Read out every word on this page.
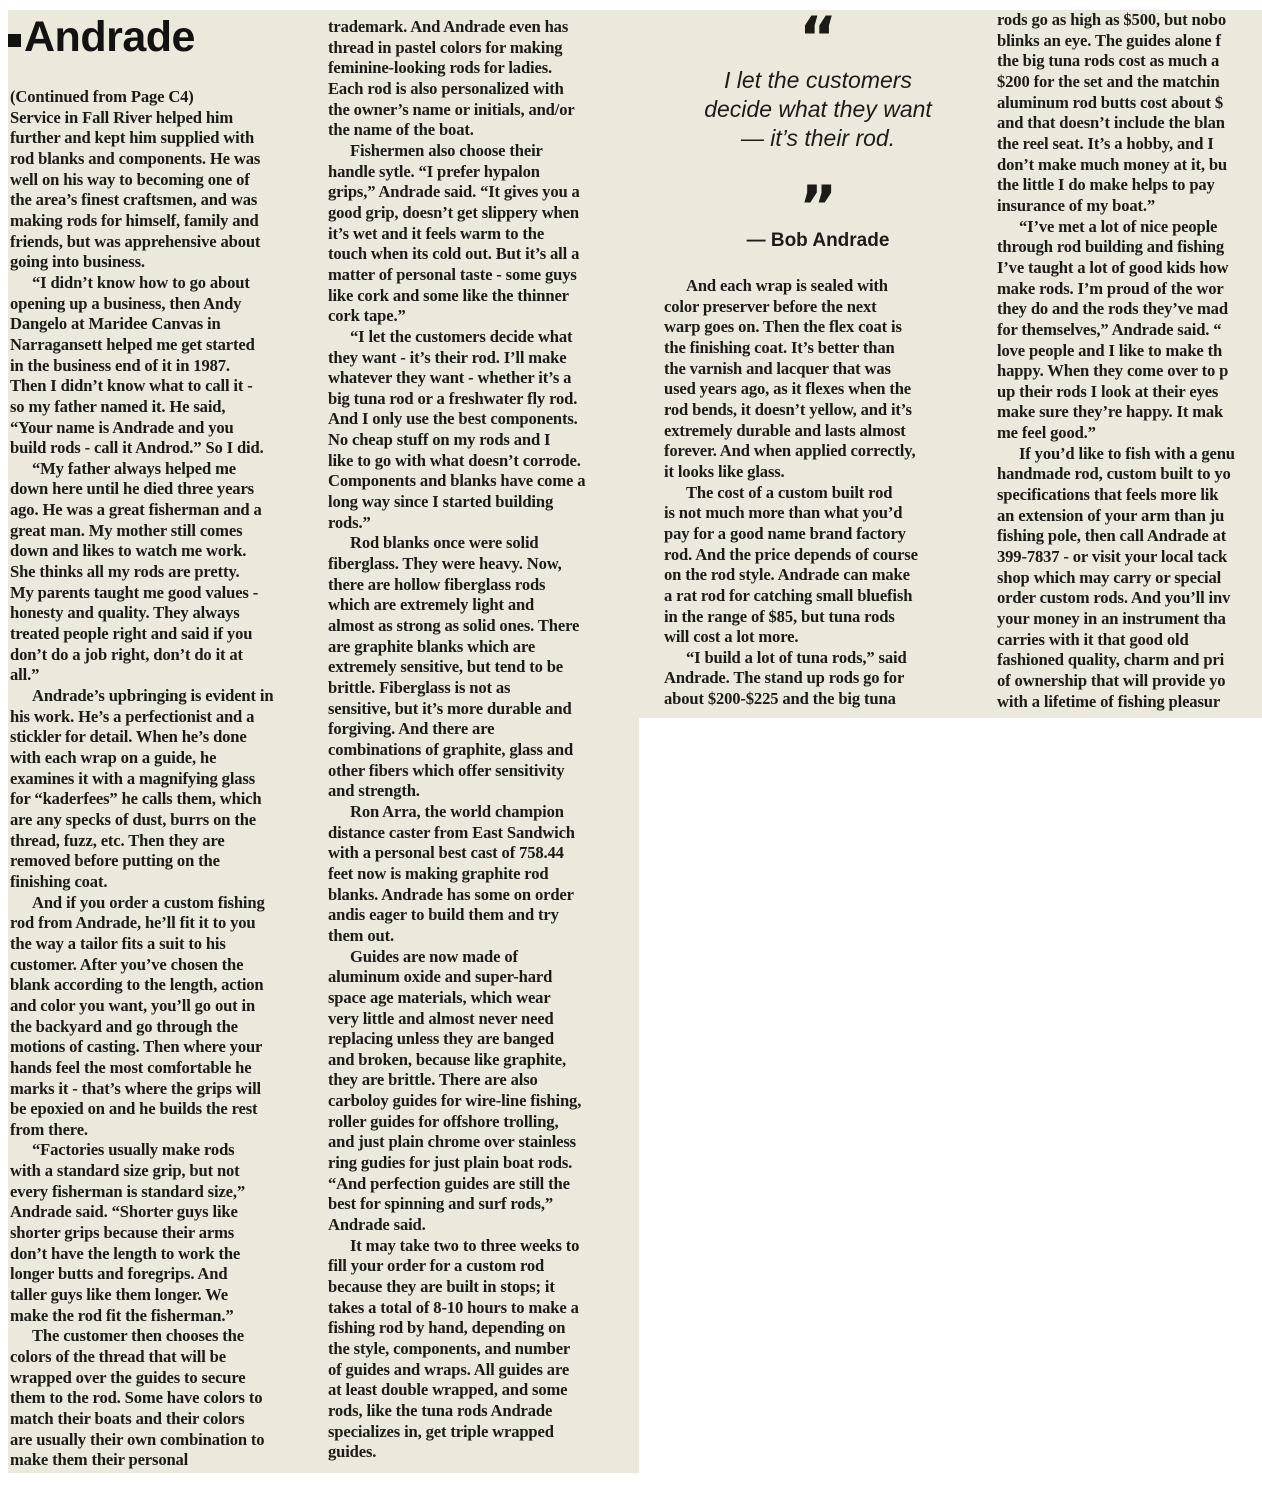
Andrade

(Continued from Page C4)
Service in Fall River helped him
further and kept him supplied with
rod blanks and components. He was
well on his way to becoming one of
the area’s finest craftsmen, and was
making rods for himself, family and
friends, but was apprehensive about
going into business.

“I didn’t know how to go about
opening up a business, then Andy
Dangelo at Maridee Canvas in
Narragansett helped me get started
in the business end of it in 1987.
Then I didn’t know what to call it -
so my father named it. He said,
“Your name is Andrade and you
build rods - call it Androd.” So I did.

“My father always helped me
down here until he died three years
ago. He was a great fisherman and a
great man. My mother still comes
down and likes to watch me work.
She thinks all my rods are pretty.
My parents taught me good values -
honesty and quality. They always
treated people right and said if you
don’t do a job right, don’t do it at
all.”

Andrade’s upbringing is evident in
his work. He’s a perfectionist and a
stickler for detail. When he’s done
with each wrap on a guide, he
examines it with a magnifying glass
for “kaderfees” he calls them, which
are any specks of dust, burrs on the
thread, fuzz, etc. Then they are
removed before putting on the
finishing coat.

And if you order a custom fishing
rod from Andrade, he’ll fit it to you
the way a tailor fits a suit to his
customer. After you’ve chosen the
blank according to the length, action
and color you want, you’ll go out in
the backyard and go through the
motions of casting. Then where your
hands feel the most comfortable he
marks it - that’s where the grips will
be epoxied on and he builds the rest
from there.

“Factories usually make rods
with a standard size grip, but not
every fisherman is standard size,”
Andrade said. “Shorter guys like
shorter grips because their arms
don’t have the length to work the
longer butts and foregrips. And
taller guys like them longer. We
make the rod fit the fisherman.”

The customer then chooses the
colors of the thread that will be
wrapped over the guides to secure
them to the rod. Some have colors to
match their boats and their colors
are usually their own combination to
make them their personal

trademark. And Andrade even has
thread in pastel colors for making
feminine-looking rods for ladies.
Each rod is also personalized with
the owner’s name or initials, and/or
the name of the boat.

Fishermen also choose their
handle sytle. “I prefer hypalon
grips,” Andrade said. “It gives you a
good grip, doesn’t get slippery when
it’s wet and it feels warm to the
touch when its cold out. But it’s all a
matter of personal taste - some guys
like cork and some like the thinner
cork tape.”

“I let the customers decide what
they want - it’s their rod. I’ll make
whatever they want - whether it’s a
big tuna rod or a freshwater fly rod.
And I only use the best components.
No cheap stuff on my rods and I
like to go with what doesn’t corrode.
Components and blanks have come a
long way since I started building
rods.”

Rod blanks once were solid
fiberglass. They were heavy. Now,
there are hollow fiberglass rods
which are extremely light and
almost as strong as solid ones. There
are graphite blanks which are
extremely sensitive, but tend to be
brittle. Fiberglass is not as
sensitive, but it’s more durable and
forgiving. And there are
combinations of graphite, glass and
other fibers which offer sensitivity
and strength.

Ron Arra, the world champion
distance caster from East Sandwich
with a personal best cast of 758.44
feet now is making graphite rod
blanks. Andrade has some on order
andis eager to build them and try
them out.

Guides are now made of
aluminum oxide and super-hard
space age materials, which wear
very little and almost never need
replacing unless they are banged
and broken, because like graphite,
they are brittle. There are also
carboloy guides for wire-line fishing,
roller guides for offshore trolling,
and just plain chrome over stainless
ring gudies for just plain boat rods.
“And perfection guides are still the
best for spinning and surf rods,”
Andrade said.

It may take two to three weeks to
fill your order for a custom rod
because they are built in stops; it
takes a total of 8-10 hours to make a
fishing rod by hand, depending on
the style, components, and number
of guides and wraps. All guides are
at least double wrapped, and some
rods, like the tuna rods Andrade
specializes in, get triple wrapped
guides.

“
I let the customers
decide what they want
— it’s their rod.
”
— Bob Andrade

And each wrap is sealed with
color preserver before the next
warp goes on. Then the flex coat is
the finishing coat. It’s better than
the varnish and lacquer that was
used years ago, as it flexes when the
rod bends, it doesn’t yellow, and it’s
extremely durable and lasts almost
forever. And when applied correctly,
it looks like glass.

The cost of a custom built rod
is not much more than what you’d
pay for a good name brand factory
rod. And the price depends of course
on the rod style. Andrade can make
a rat rod for catching small bluefish
in the range of $85, but tuna rods
will cost a lot more.

“I build a lot of tuna rods,” said
Andrade. The stand up rods go for
about $200-$225 and the big tuna

rods go as high as $500, but nobo
blinks an eye. The guides alone f
the big tuna rods cost as much a
$200 for the set and the matchin
aluminum rod butts cost about $
and that doesn’t include the blan
the reel seat. It’s a hobby, and I
don’t make much money at it, bu
the little I do make helps to pay
insurance of my boat.”

“I’ve met a lot of nice people
through rod building and fishing
I’ve taught a lot of good kids how
make rods. I’m proud of the wor
they do and the rods they’ve mad
for themselves,” Andrade said. “
love people and I like to make th
happy. When they come over to p
up their rods I look at their eyes
make sure they’re happy. It mak
me feel good.”

If you’d like to fish with a genu
handmade rod, custom built to yo
specifications that feels more lik
an extension of your arm than ju
fishing pole, then call Andrade at
399-7837 - or visit your local tack
shop which may carry or special
order custom rods. And you’ll inv
your money in an instrument tha
carries with it that good old
fashioned quality, charm and pri
of ownership that will provide yo
with a lifetime of fishing pleasur
